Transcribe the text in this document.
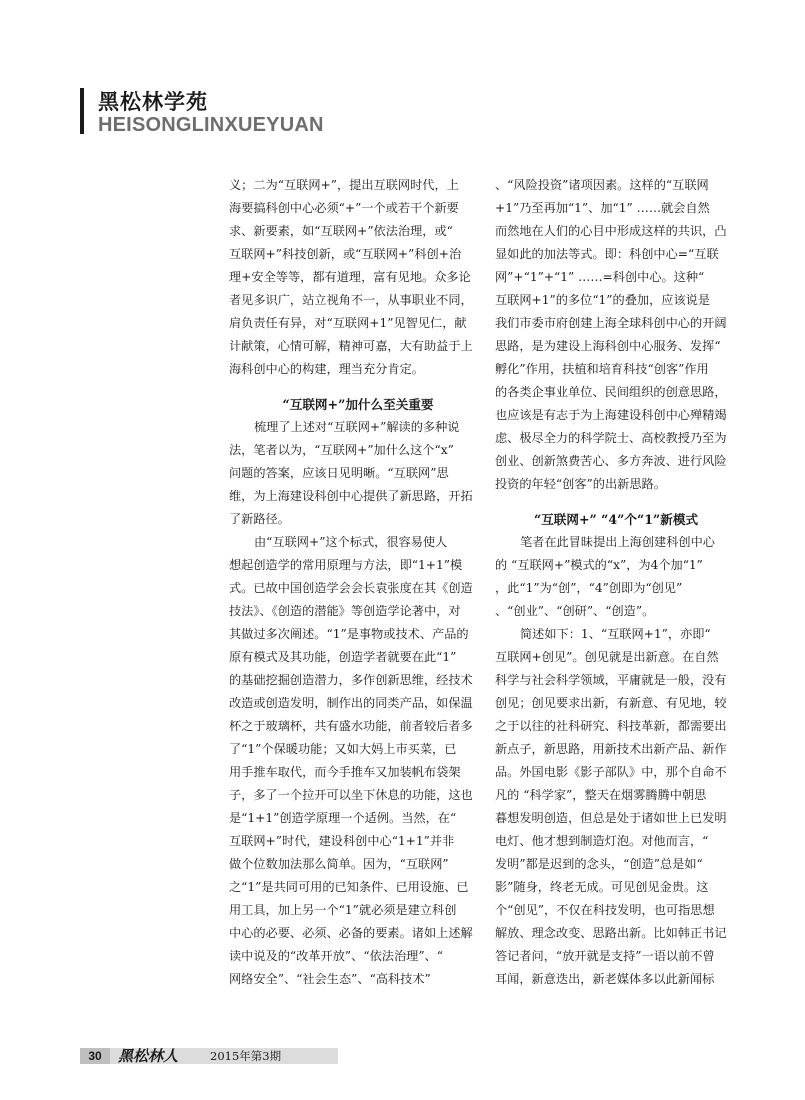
黑松林学苑
HEISONGLINXUEYUAN
义；二为“互联网+”，提出互联网时代，上
海要搞科创中心必须“+”一个或若干个新要
求、新要素，如“互联网+”依法治理，或“
互联网+”科技创新，或“互联网+”科创+治
理+安全等等，都有道理，富有见地。众多论
者见多识广，站立视角不一，从事职业不同，
肩负责任有异，对“互联网+1”见智见仁，献
计献策，心情可解，精神可嘉，大有助益于上
海科创中心的构建，理当充分肯定。
“互联网+”加什么至关重要
梳理了上述对“互联网+”解读的多种说
法，笔者以为，“互联网+”加什么这个“x”
问题的答案，应该日见明晰。“互联网”思
维，为上海建设科创中心提供了新思路，开拓
了新路径。
由“互联网+”这个标式，很容易使人
想起创造学的常用原理与方法，即“1+1”模
式。已故中国创造学会会长袁张度在其《创造
技法》、《创造的潜能》等创造学论著中，对
其做过多次阐述。“1”是事物或技术、产品的
原有模式及其功能，创造学者就要在此“1”
的基础挖掘创造潜力，多作创新思维，经技术
改造或创造发明，制作出的同类产品，如保温
杯之于玻璃杯，共有盛水功能，前者较后者多
了“1”个保暖功能；又如大妈上市买菜，已
用手推车取代，而今手推车又加装帆布袋架
子，多了一个拉开可以坐下休息的功能，这也
是“1+1”创造学原理一个适例。当然，在“
互联网+”时代，建设科创中心“1+1”并非
做个位数加法那么简单。因为，“互联网”
之“1”是共同可用的已知条件、已用设施、已
用工具，加上另一个“1”就必须是建立科创
中心的必要、必须、必备的要素。诸如上述解
读中说及的“改革开放”、“依法治理”、“
网络安全”、“社会生态”、“高科技术”
、“风险投资”诸项因素。这样的“互联网
+1”乃至再加“1”、加“1” ……就会自然
而然地在人们的心目中形成这样的共识，凸
显如此的加法等式。即：科创中心=“互联
网”+“1”+“1” ……=科创中心。这种“
互联网+1”的多位“1”的叠加，应该说是
我们市委市府创建上海全球科创中心的开阔
思路，是为建设上海科创中心服务、发挥“
孵化”作用，扶植和培育科技“创客”作用
的各类企事业单位、民间组织的创意思路，
也应该是有志于为上海建设科创中心殚精竭
虑、极尽全力的科学院士、高校教授乃至为
创业、创新煞费苦心、多方奔波、进行风险
投资的年轻“创客”的出新思路。
“互联网+” “4”个“1”新模式
笔者在此冒昧提出上海创建科创中心
的 “互联网+”模式的“x”，为4个加“1”
，此“1”为“创”，“4”创即为“创见”
、“创业”、“创研”、“创造”。
简述如下：1、“互联网+1”，亦即“
互联网+创见”。创见就是出新意。在自然
科学与社会科学领域，平庸就是一般，没有
创见；创见要求出新，有新意、有见地，较
之于以往的社科研究、科技革新，都需要出
新点子，新思路，用新技术出新产品、新作
品。外国电影《影子部队》中，那个自命不
凡的 “科学家”，整天在烟雾腾腾中朝思
暮想发明创造，但总是处于诸如世上已发明
电灯、他才想到制造灯泡。对他而言，“
发明”都是迟到的念头，“创造”总是如“
影”随身，终老无成。可见创见金贵。这
个“创见”，不仅在科技发明，也可指思想
解放、理念改变、思路出新。比如韩正书记
答记者问，“放开就是支持”一语以前不曾
耳闻，新意迭出，新老媒体多以此新闻标
30	黑松林人	2015年第3期
